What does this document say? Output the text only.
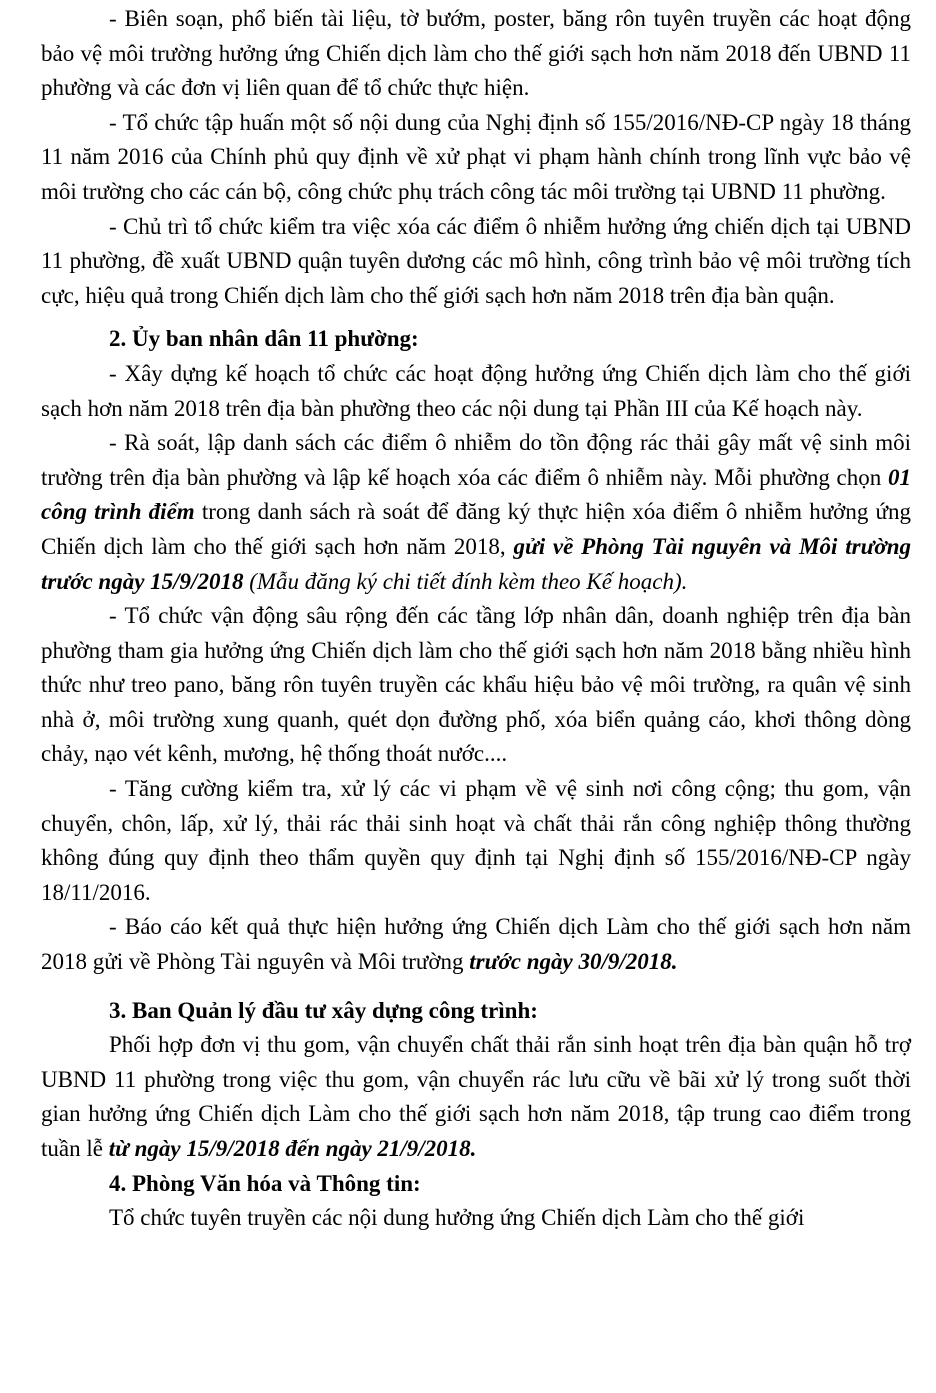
- Biên soạn, phổ biến tài liệu, tờ bướm, poster, băng rôn tuyên truyền các hoạt động bảo vệ môi trường hưởng ứng Chiến dịch làm cho thế giới sạch hơn năm 2018 đến UBND 11 phường và các đơn vị liên quan để tổ chức thực hiện.

- Tổ chức tập huấn một số nội dung của Nghị định số 155/2016/NĐ-CP ngày 18 tháng 11 năm 2016 của Chính phủ quy định về xử phạt vi phạm hành chính trong lĩnh vực bảo vệ môi trường cho các cán bộ, công chức phụ trách công tác môi trường tại UBND 11 phường.

- Chủ trì tổ chức kiểm tra việc xóa các điểm ô nhiễm hưởng ứng chiến dịch tại UBND 11 phường, đề xuất UBND quận tuyên dương các mô hình, công trình bảo vệ môi trường tích cực, hiệu quả trong Chiến dịch làm cho thế giới sạch hơn năm 2018 trên địa bàn quận.

2. Ủy ban nhân dân 11 phường:

- Xây dựng kế hoạch tổ chức các hoạt động hưởng ứng Chiến dịch làm cho thế giới sạch hơn năm 2018 trên địa bàn phường theo các nội dung tại Phần III của Kế hoạch này.

- Rà soát, lập danh sách các điểm ô nhiễm do tồn động rác thải gây mất vệ sinh môi trường trên địa bàn phường và lập kế hoạch xóa các điểm ô nhiễm này. Mỗi phường chọn 01 công trình điểm trong danh sách rà soát để đăng ký thực hiện xóa điểm ô nhiễm hưởng ứng Chiến dịch làm cho thế giới sạch hơn năm 2018, gửi về Phòng Tài nguyên và Môi trường trước ngày 15/9/2018 (Mẫu đăng ký chi tiết đính kèm theo Kế hoạch).

- Tổ chức vận động sâu rộng đến các tầng lớp nhân dân, doanh nghiệp trên địa bàn phường tham gia hưởng ứng Chiến dịch làm cho thế giới sạch hơn năm 2018 bằng nhiều hình thức như treo pano, băng rôn tuyên truyền các khẩu hiệu bảo vệ môi trường, ra quân vệ sinh nhà ở, môi trường xung quanh, quét dọn đường phố, xóa biển quảng cáo, khơi thông dòng chảy, nạo vét kênh, mương, hệ thống thoát nước....

- Tăng cường kiểm tra, xử lý các vi phạm về vệ sinh nơi công cộng; thu gom, vận chuyển, chôn, lấp, xử lý, thải rác thải sinh hoạt và chất thải rắn công nghiệp thông thường không đúng quy định theo thẩm quyền quy định tại Nghị định số 155/2016/NĐ-CP ngày 18/11/2016.

- Báo cáo kết quả thực hiện hưởng ứng Chiến dịch Làm cho thế giới sạch hơn năm 2018 gửi về Phòng Tài nguyên và Môi trường trước ngày 30/9/2018.

3. Ban Quản lý đầu tư xây dựng công trình:

Phối hợp đơn vị thu gom, vận chuyển chất thải rắn sinh hoạt trên địa bàn quận hỗ trợ UBND 11 phường trong việc thu gom, vận chuyển rác lưu cữu về bãi xử lý trong suốt thời gian hưởng ứng Chiến dịch Làm cho thế giới sạch hơn năm 2018, tập trung cao điểm trong tuần lễ từ ngày 15/9/2018 đến ngày 21/9/2018.

4. Phòng Văn hóa và Thông tin:

Tổ chức tuyên truyền các nội dung hưởng ứng Chiến dịch Làm cho thế giới
